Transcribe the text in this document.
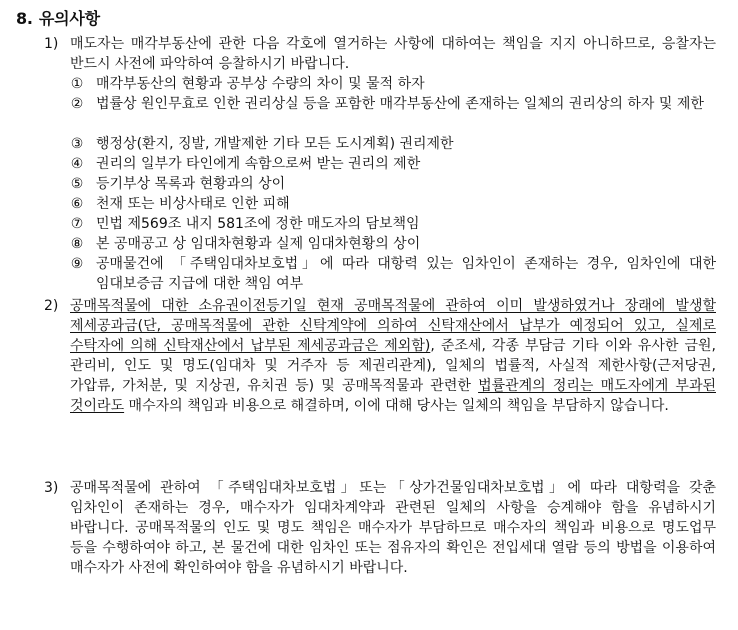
8. 유의사항
1) 매도자는 매각부동산에 관한 다음 각호에 열거하는 사항에 대하여는 책임을 지지 아니하므로, 응찰자는 반드시 사전에 파악하여 응찰하시기 바랍니다.
① 매각부동산의 현황과 공부상 수량의 차이 및 물적 하자
② 법률상 원인무효로 인한 권리상실 등을 포함한 매각부동산에 존재하는 일체의 권리상의 하자 및 제한
③ 행정상(환지, 징발, 개발제한 기타 모든 도시계획) 권리제한
④ 권리의 일부가 타인에게 속함으로써 받는 권리의 제한
⑤ 등기부상 목록과 현황과의 상이
⑥ 천재 또는 비상사태로 인한 피해
⑦ 민법 제569조 내지 581조에 정한 매도자의 담보책임
⑧ 본 공매공고 상 임대차현황과 실제 임대차현황의 상이
⑨ 공매물건에 「주택임대차보호법」에 따라 대항력 있는 임차인이 존재하는 경우, 임차인에 대한 임대보증금 지급에 대한 책임 여부
2) 공매목적물에 대한 소유권이전등기일 현재 공매목적물에 관하여 이미 발생하였거나 장래에 발생할 제세공과금(단, 공매목적물에 관한 신탁계약에 의하여 신탁재산에서 납부가 예정되어 있고, 실제로 수탁자에 의해 신탁재산에서 납부된 제세공과금은 제외함), 준조세, 각종 부담금 기타 이와 유사한 금원, 관리비, 인도 및 명도(임대차 및 거주자 등 제권리관계), 일체의 법률적, 사실적 제한사항(근저당권, 가압류, 가처분, 및 지상권, 유치권 등) 및 공매목적물과 관련한 법률관계의 정리는 매도자에게 부과된 것이라도 매수자의 책임과 비용으로 해결하며, 이에 대해 당사는 일체의 책임을 부담하지 않습니다.
3) 공매목적물에 관하여 「주택임대차보호법」또는「상가건물임대차보호법」에 따라 대항력을 갖춘 임차인이 존재하는 경우, 매수자가 임대차계약과 관련된 일체의 사항을 승계해야 함을 유념하시기 바랍니다. 공매목적물의 인도 및 명도 책임은 매수자가 부담하므로 매수자의 책임과 비용으로 명도업무 등을 수행하여야 하고, 본 물건에 대한 임차인 또는 점유자의 확인은 전입세대 열람 등의 방법을 이용하여 매수자가 사전에 확인하여야 함을 유념하시기 바랍니다.
